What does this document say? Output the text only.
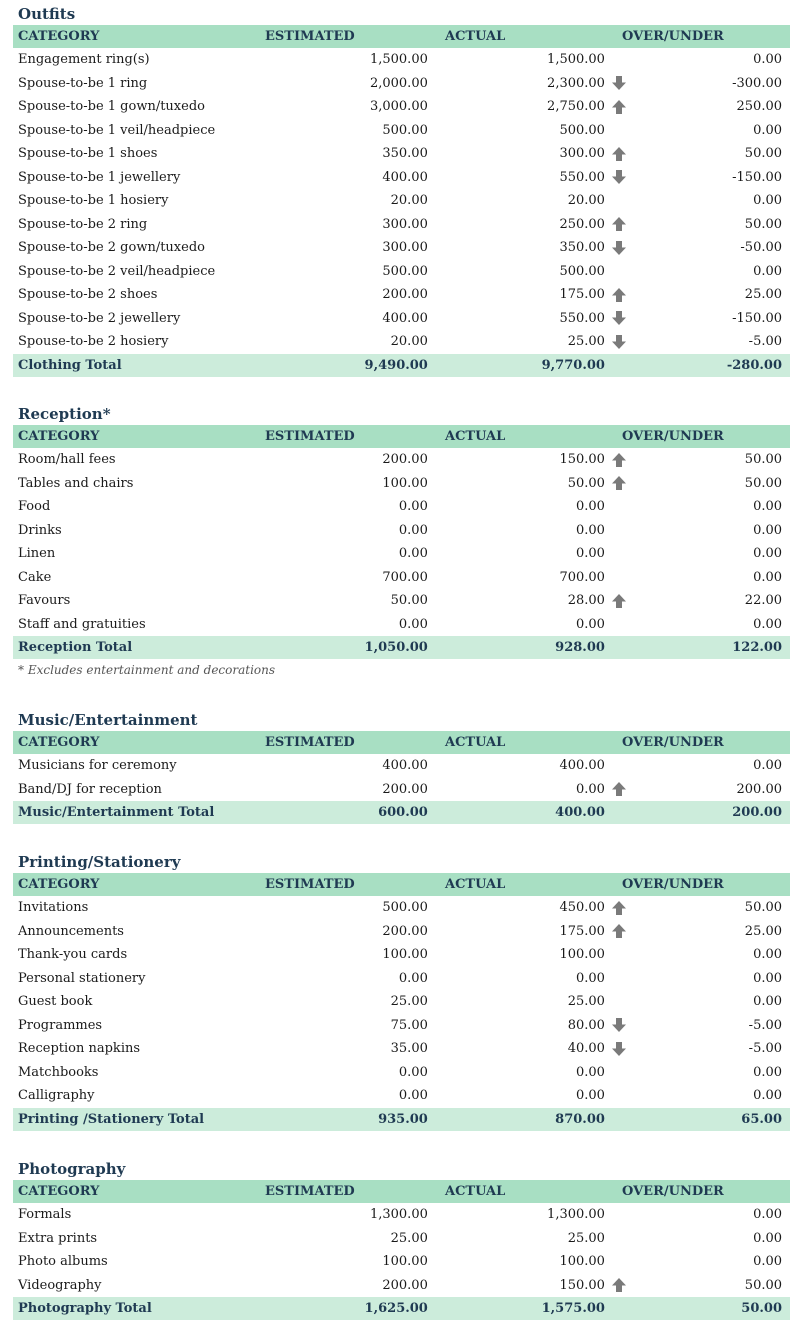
Outfits
CATEGORY	ESTIMATED	ACTUAL	OVER/UNDER
Engagement ring(s)	1,500.00	1,500.00	0.00
Spouse-to-be 1 ring	2,000.00	2,300.00	-300.00
Spouse-to-be 1 gown/tuxedo	3,000.00	2,750.00	250.00
Spouse-to-be 1 veil/headpiece	500.00	500.00	0.00
Spouse-to-be 1 shoes	350.00	300.00	50.00
Spouse-to-be 1 jewellery	400.00	550.00	-150.00
Spouse-to-be 1 hosiery	20.00	20.00	0.00
Spouse-to-be 2 ring	300.00	250.00	50.00
Spouse-to-be 2 gown/tuxedo	300.00	350.00	-50.00
Spouse-to-be 2 veil/headpiece	500.00	500.00	0.00
Spouse-to-be 2 shoes	200.00	175.00	25.00
Spouse-to-be 2 jewellery	400.00	550.00	-150.00
Spouse-to-be 2 hosiery	20.00	25.00	-5.00
Clothing Total	9,490.00	9,770.00	-280.00
Reception*
CATEGORY	ESTIMATED	ACTUAL	OVER/UNDER
Room/hall fees	200.00	150.00	50.00
Tables and chairs	100.00	50.00	50.00
Food	0.00	0.00	0.00
Drinks	0.00	0.00	0.00
Linen	0.00	0.00	0.00
Cake	700.00	700.00	0.00
Favours	50.00	28.00	22.00
Staff and gratuities	0.00	0.00	0.00
Reception Total	1,050.00	928.00	122.00
* Excludes entertainment and decorations
Music/Entertainment
CATEGORY	ESTIMATED	ACTUAL	OVER/UNDER
Musicians for ceremony	400.00	400.00	0.00
Band/DJ for reception	200.00	0.00	200.00
Music/Entertainment Total	600.00	400.00	200.00
Printing/Stationery
CATEGORY	ESTIMATED	ACTUAL	OVER/UNDER
Invitations	500.00	450.00	50.00
Announcements	200.00	175.00	25.00
Thank-you cards	100.00	100.00	0.00
Personal stationery	0.00	0.00	0.00
Guest book	25.00	25.00	0.00
Programmes	75.00	80.00	-5.00
Reception napkins	35.00	40.00	-5.00
Matchbooks	0.00	0.00	0.00
Calligraphy	0.00	0.00	0.00
Printing /Stationery Total	935.00	870.00	65.00
Photography
CATEGORY	ESTIMATED	ACTUAL	OVER/UNDER
Formals	1,300.00	1,300.00	0.00
Extra prints	25.00	25.00	0.00
Photo albums	100.00	100.00	0.00
Videography	200.00	150.00	50.00
Photography Total	1,625.00	1,575.00	50.00
